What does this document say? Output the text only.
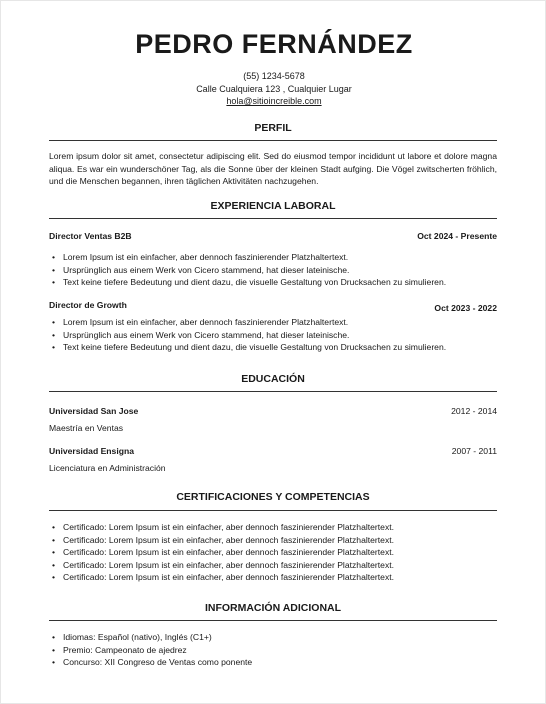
PEDRO FERNÁNDEZ
(55) 1234-5678
Calle Cualquiera 123 , Cualquier Lugar
hola@sitioincreible.com
PERFIL
Lorem ipsum dolor sit amet, consectetur adipiscing elit. Sed do eiusmod tempor incididunt ut labore et dolore magna aliqua. Es war ein wunderschöner Tag, als die Sonne über der kleinen Stadt aufging. Die Vögel zwitscherten fröhlich, und die Menschen begannen, ihren täglichen Aktivitäten nachzugehen.
EXPERIENCIA LABORAL
Director Ventas B2B	Oct 2024 - Presente
• Lorem Ipsum ist ein einfacher, aber dennoch faszinierender Platzhaltertext.
• Ursprünglich aus einem Werk von Cicero stammend, hat dieser lateinische.
• Text keine tiefere Bedeutung und dient dazu, die visuelle Gestaltung von Drucksachen zu simulieren.
Director de Growth	Oct 2023 - 2022
• Lorem Ipsum ist ein einfacher, aber dennoch faszinierender Platzhaltertext.
• Ursprünglich aus einem Werk von Cicero stammend, hat dieser lateinische.
• Text keine tiefere Bedeutung und dient dazu, die visuelle Gestaltung von Drucksachen zu simulieren.
EDUCACIÓN
Universidad San Jose	2012 - 2014
Maestría en Ventas
Universidad Ensigna	2007 - 2011
Licenciatura en Administración
CERTIFICACIONES Y COMPETENCIAS
• Certificado: Lorem Ipsum ist ein einfacher, aber dennoch faszinierender Platzhaltertext.
• Certificado: Lorem Ipsum ist ein einfacher, aber dennoch faszinierender Platzhaltertext.
• Certificado: Lorem Ipsum ist ein einfacher, aber dennoch faszinierender Platzhaltertext.
• Certificado: Lorem Ipsum ist ein einfacher, aber dennoch faszinierender Platzhaltertext.
• Certificado: Lorem Ipsum ist ein einfacher, aber dennoch faszinierender Platzhaltertext.
INFORMACIÓN ADICIONAL
• Idiomas: Español (nativo), Inglés (C1+)
• Premio: Campeonato de ajedrez
• Concurso: XII Congreso de Ventas como ponente
